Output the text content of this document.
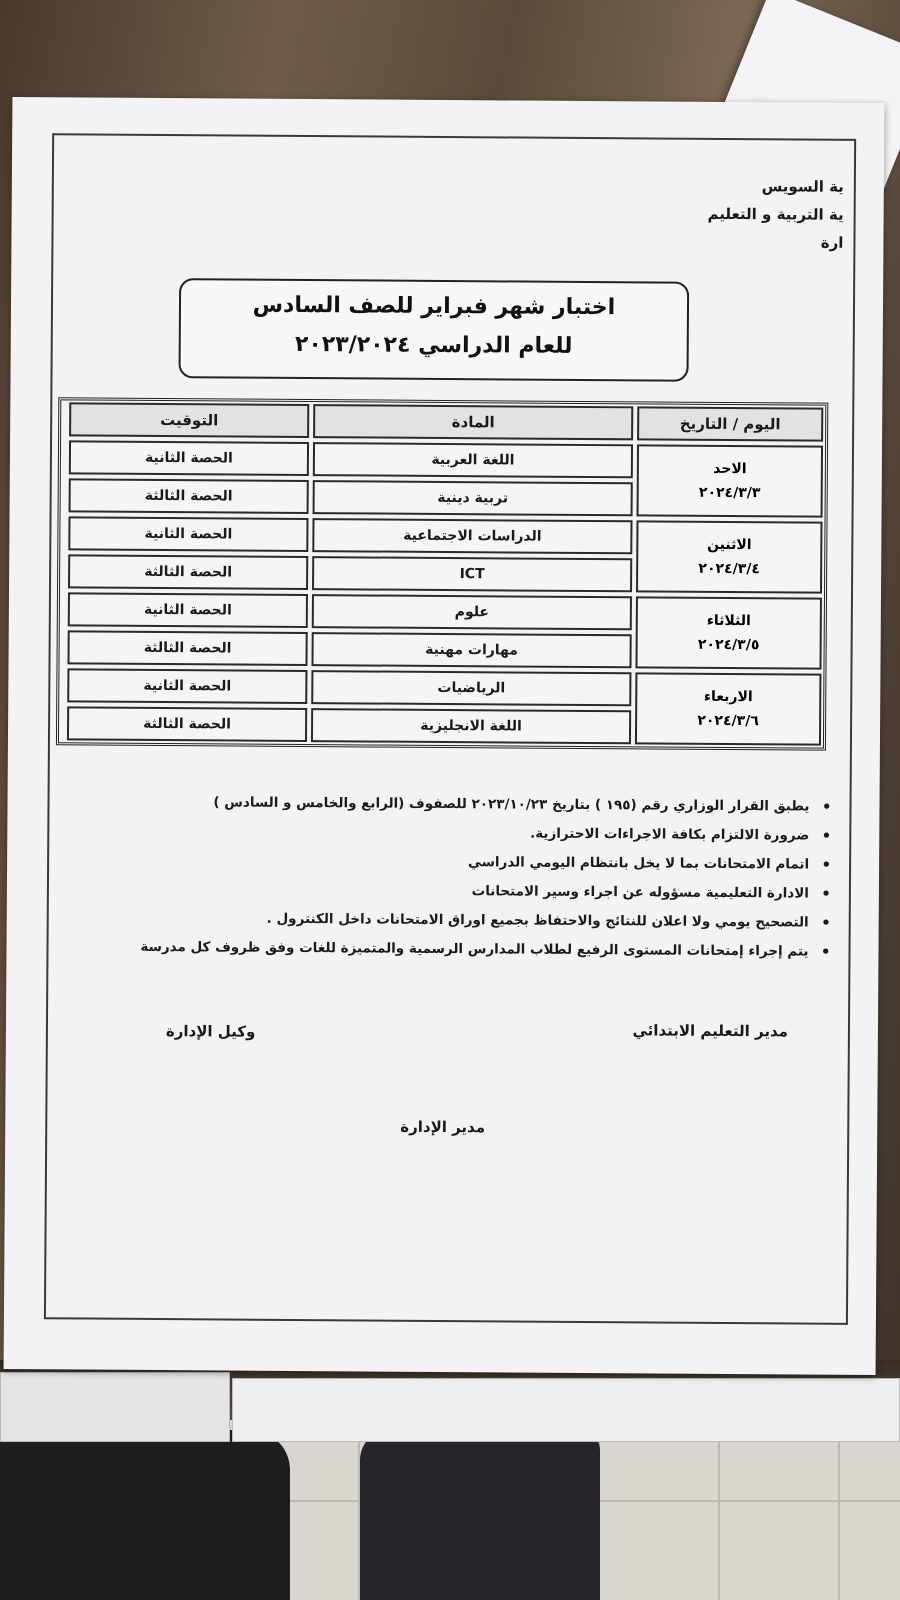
ية السويس
ية التربية و التعليم
ارة
اختبار شهر فبراير للصف السادس
للعام الدراسي ٢٠٢٣/٢٠٢٤
اليوم / التاريخ
المادة
التوقيت
الاحد
٢٠٢٤/٣/٣
اللغة العربية
الحصة الثانية
تربية دينية
الحصة الثالثة
الاثنين
٢٠٢٤/٣/٤
الدراسات الاجتماعية
الحصة الثانية
ICT
الحصة الثالثة
الثلاثاء
٢٠٢٤/٣/٥
علوم
الحصة الثانية
مهارات مهنية
الحصة الثالثة
الاربعاء
٢٠٢٤/٣/٦
الرياضيات
الحصة الثانية
اللغة الانجليزية
الحصة الثالثة
• يطبق القرار الوزاري رقم (١٩٥ ) بتاريخ ٢٠٢٣/١٠/٢٣ للصفوف (الرابع والخامس و السادس )
• ضرورة الالتزام بكافة الاجراءات الاحترازية.
• اتمام الامتحانات بما لا يخل بانتظام اليومي الدراسي
• الادارة التعليمية مسؤوله عن اجراء وسير الامتحانات
• التصحيح يومي ولا اعلان للنتائج والاحتفاظ بجميع اوراق الامتحانات داخل الكنترول .
• يتم إجراء إمتحانات المستوى الرفيع لطلاب المدارس الرسمية والمتميزة للغات وفق ظروف كل مدرسة
مدير التعليم الابتدائي
وكيل الإدارة
مدير الإدارة
